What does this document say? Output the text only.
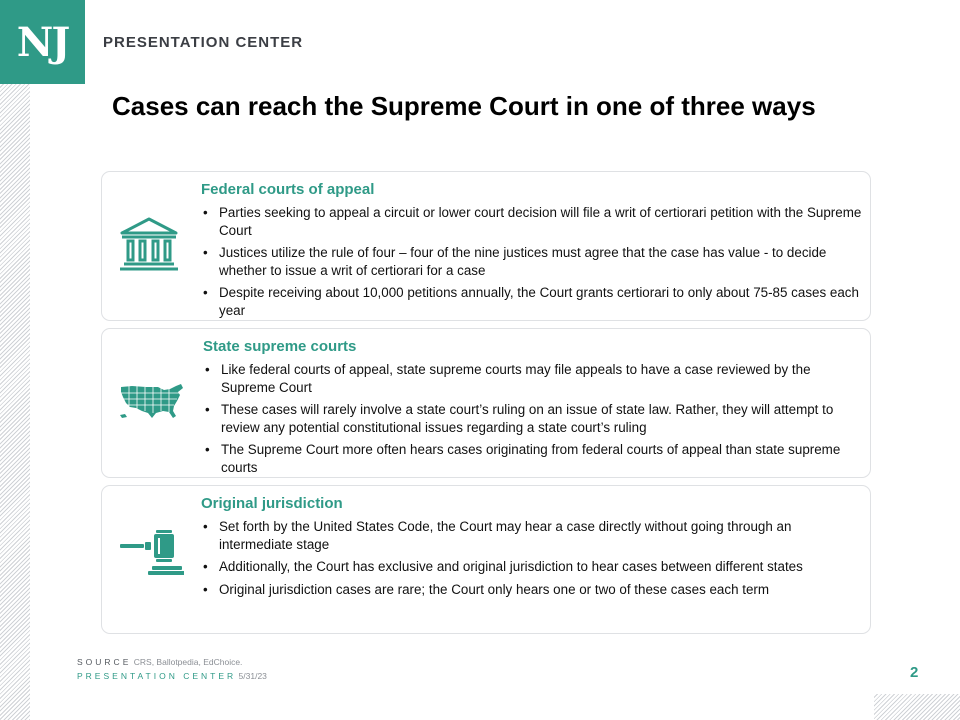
NJ	PRESENTATION CENTER
Cases can reach the Supreme Court in one of three ways
Federal courts of appeal
• Parties seeking to appeal a circuit or lower court decision will file a writ of certiorari petition with the Supreme Court
• Justices utilize the rule of four – four of the nine justices must agree that the case has value - to decide whether to issue a writ of certiorari for a case
• Despite receiving about 10,000 petitions annually, the Court grants certiorari to only about 75-85 cases each year
State supreme courts
• Like federal courts of appeal, state supreme courts may file appeals to have a case reviewed by the Supreme Court
• These cases will rarely involve a state court’s ruling on an issue of state law. Rather, they will attempt to review any potential constitutional issues regarding a state court’s ruling
• The Supreme Court more often hears cases originating from federal courts of appeal than state supreme courts
Original jurisdiction
• Set forth by the United States Code, the Court may hear a case directly without going through an intermediate stage
• Additionally, the Court has exclusive and original jurisdiction to hear cases between different states
• Original jurisdiction cases are rare; the Court only hears one or two of these cases each term
SOURCE CRS, Ballotpedia, EdChoice.
PRESENTATION CENTER 5/31/23	2
